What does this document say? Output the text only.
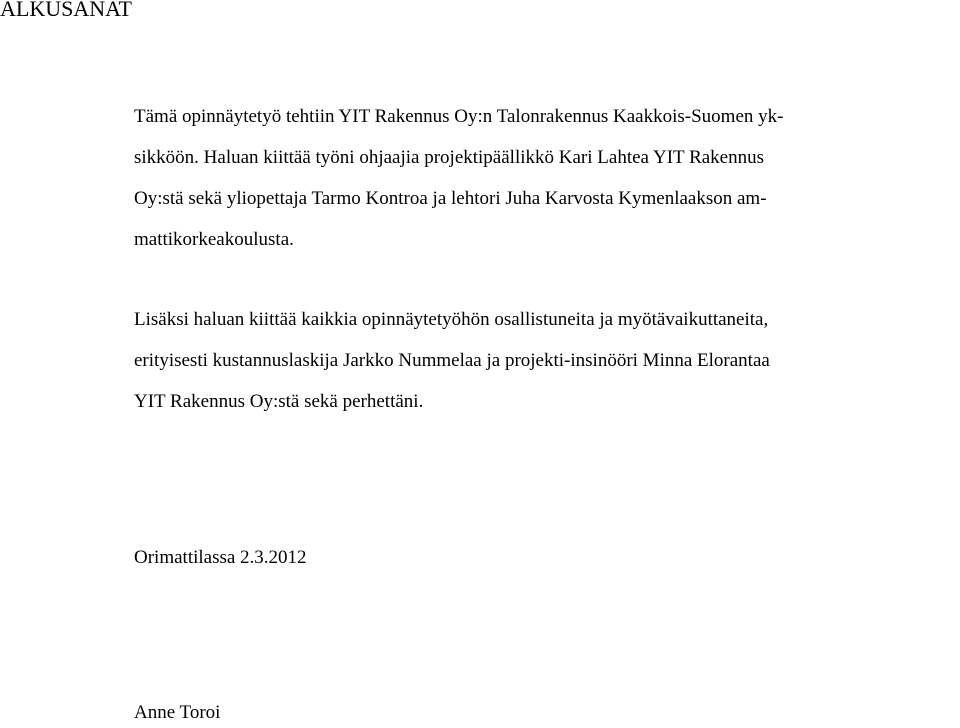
ALKUSANAT
Tämä opinnäytetyö tehtiin YIT Rakennus Oy:n Talonrakennus Kaakkois-Suomen yk-
sikköön. Haluan kiittää työni ohjaajia projektipäällikkö Kari Lahtea YIT Rakennus
Oy:stä sekä yliopettaja Tarmo Kontroa ja lehtori Juha Karvosta Kymenlaakson am-
mattikorkeakoulusta.
Lisäksi haluan kiittää kaikkia opinnäytetyöhön osallistuneita ja myötävaikuttaneita,
erityisesti kustannuslaskija Jarkko Nummelaa ja projekti-insinööri Minna Elorantaa
YIT Rakennus Oy:stä sekä perhettäni.

Orimattilassa 2.3.2012

Anne Toroi
